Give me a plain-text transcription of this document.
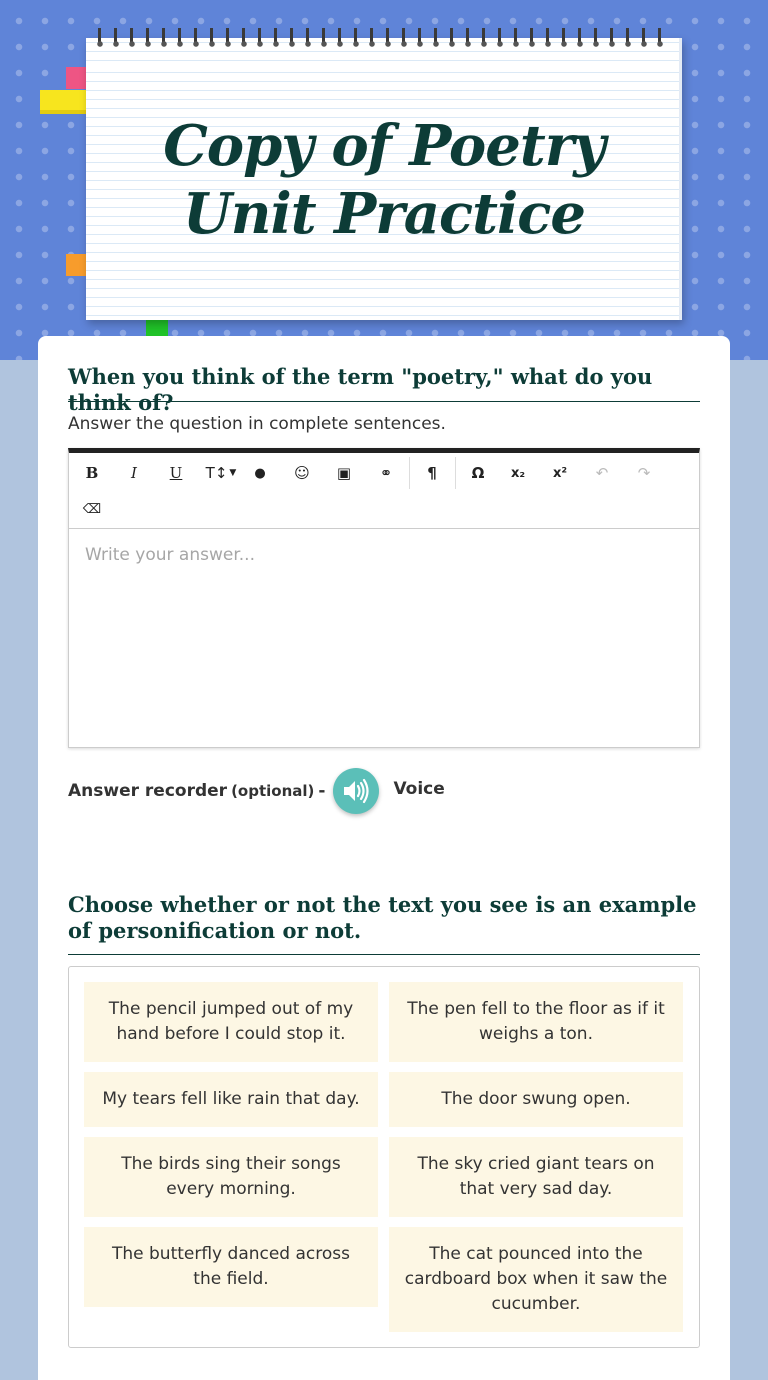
Copy of Poetry Unit Practice
When you think of the term "poetry," what do you think of?
Answer the question in complete sentences.
B	I	U	T↕ ▼	●	☺	▣	⚭	¶	Ω	x₂	x²	↶	↷
⌫
Write your answer...
Answer recorder (optional) -	Voice
Choose whether or not the text you see is an example of personification or not.
The pencil jumped out of my hand before I could stop it.
The pen fell to the floor as if it weighs a ton.
My tears fell like rain that day.	The door swung open.
The birds sing their songs every morning.
The sky cried giant tears on that very sad day.
The butterfly danced across the field.
The cat pounced into the cardboard box when it saw the cucumber.
